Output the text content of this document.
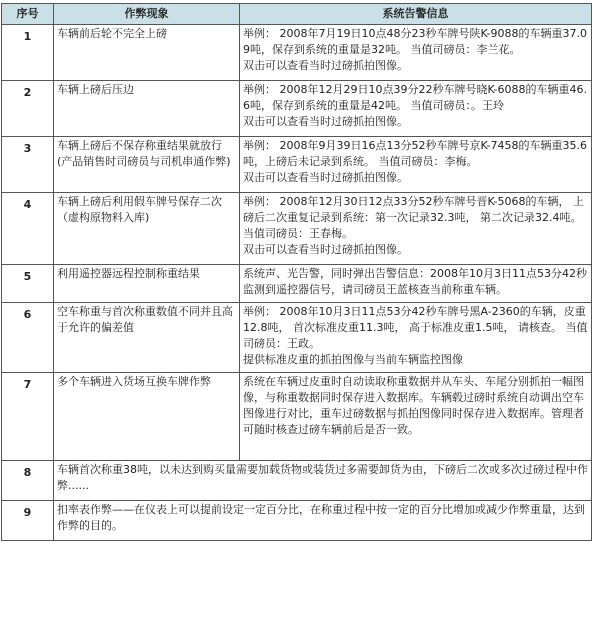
序号	作弊现象	系统告警信息
1	车辆前后轮不完全上磅	举例： 2008年7月19日10点48分23秒车牌号陕K-9088的车辆重37.09吨，保存到系统的重量是32吨。 当值司磅员：李兰花。
双击可以查看当时过磅抓拍图像。

2	车辆上磅后压边	举例： 2008年12月29日10点39分22秒车牌号晓K-6088的车辆重46.6吨，保存到系统的重量是42吨。 当值司磅员：。王玲
双击可以查看当时过磅抓拍图像。

3	车辆上磅后不保存称重结果就放行(产品销售时司磅员与司机串通作弊)	举例： 2008年9月39日16点13分52秒车牌号京K-7458的车辆重35.6吨，上磅后未记录到系统。 当值司磅员：李梅。
双击可以查看当时过磅抓拍图像。

4	车辆上磅后利用假车牌号保存二次（虚构原物料入库)	举例： 2008年12月30日12点33分52秒车牌号晋K-5068的车辆， 上磅后二次重复记录到系统：第一次记录32.3吨， 第二次记录32.4吨。 当值司磅员：王春梅。
双击可以查看当时过磅抓拍图像。

5	利用遥控器远程控制称重结果	系统声、光告警，同时弹出告警信息：2008年10月3日11点53分42秒监测到遥控器信号，请司磅员王蓝核查当前称重车辆。

6	空车称重与首次称重数值不同并且高于允许的偏差值	举例： 2008年10月3日11点53分42秒车牌号黑A-2360的车辆，皮重12.8吨， 首次标准皮重11.3吨， 高于标准皮重1.5吨， 请核查。 当值司磅员：王政。
提供标准皮重的抓拍图像与当前车辆监控图像

7	多个车辆进入货场互换车牌作弊	系统在车辆过皮重时自动读取称重数据并从车头、车尾分别抓拍一幅图像，与称重数据同时保存进入数据库。车辆毂过磅时系统自动调出空车图像进行对比，重车过磅数据与抓拍图像同时保存进入数据库。管理者可随时核查过磅车辆前后是否一致。

8	车辆首次称重38吨，以未达到购买量需要加载货物或装货过多需要卸货为由，下磅后二次或多次过磅过程中作弊......	
9	扣率表作弊——在仪表上可以提前设定一定百分比，在称重过程中按一定的百分比增加或减少作弊重量，达到作弊的目的。	
